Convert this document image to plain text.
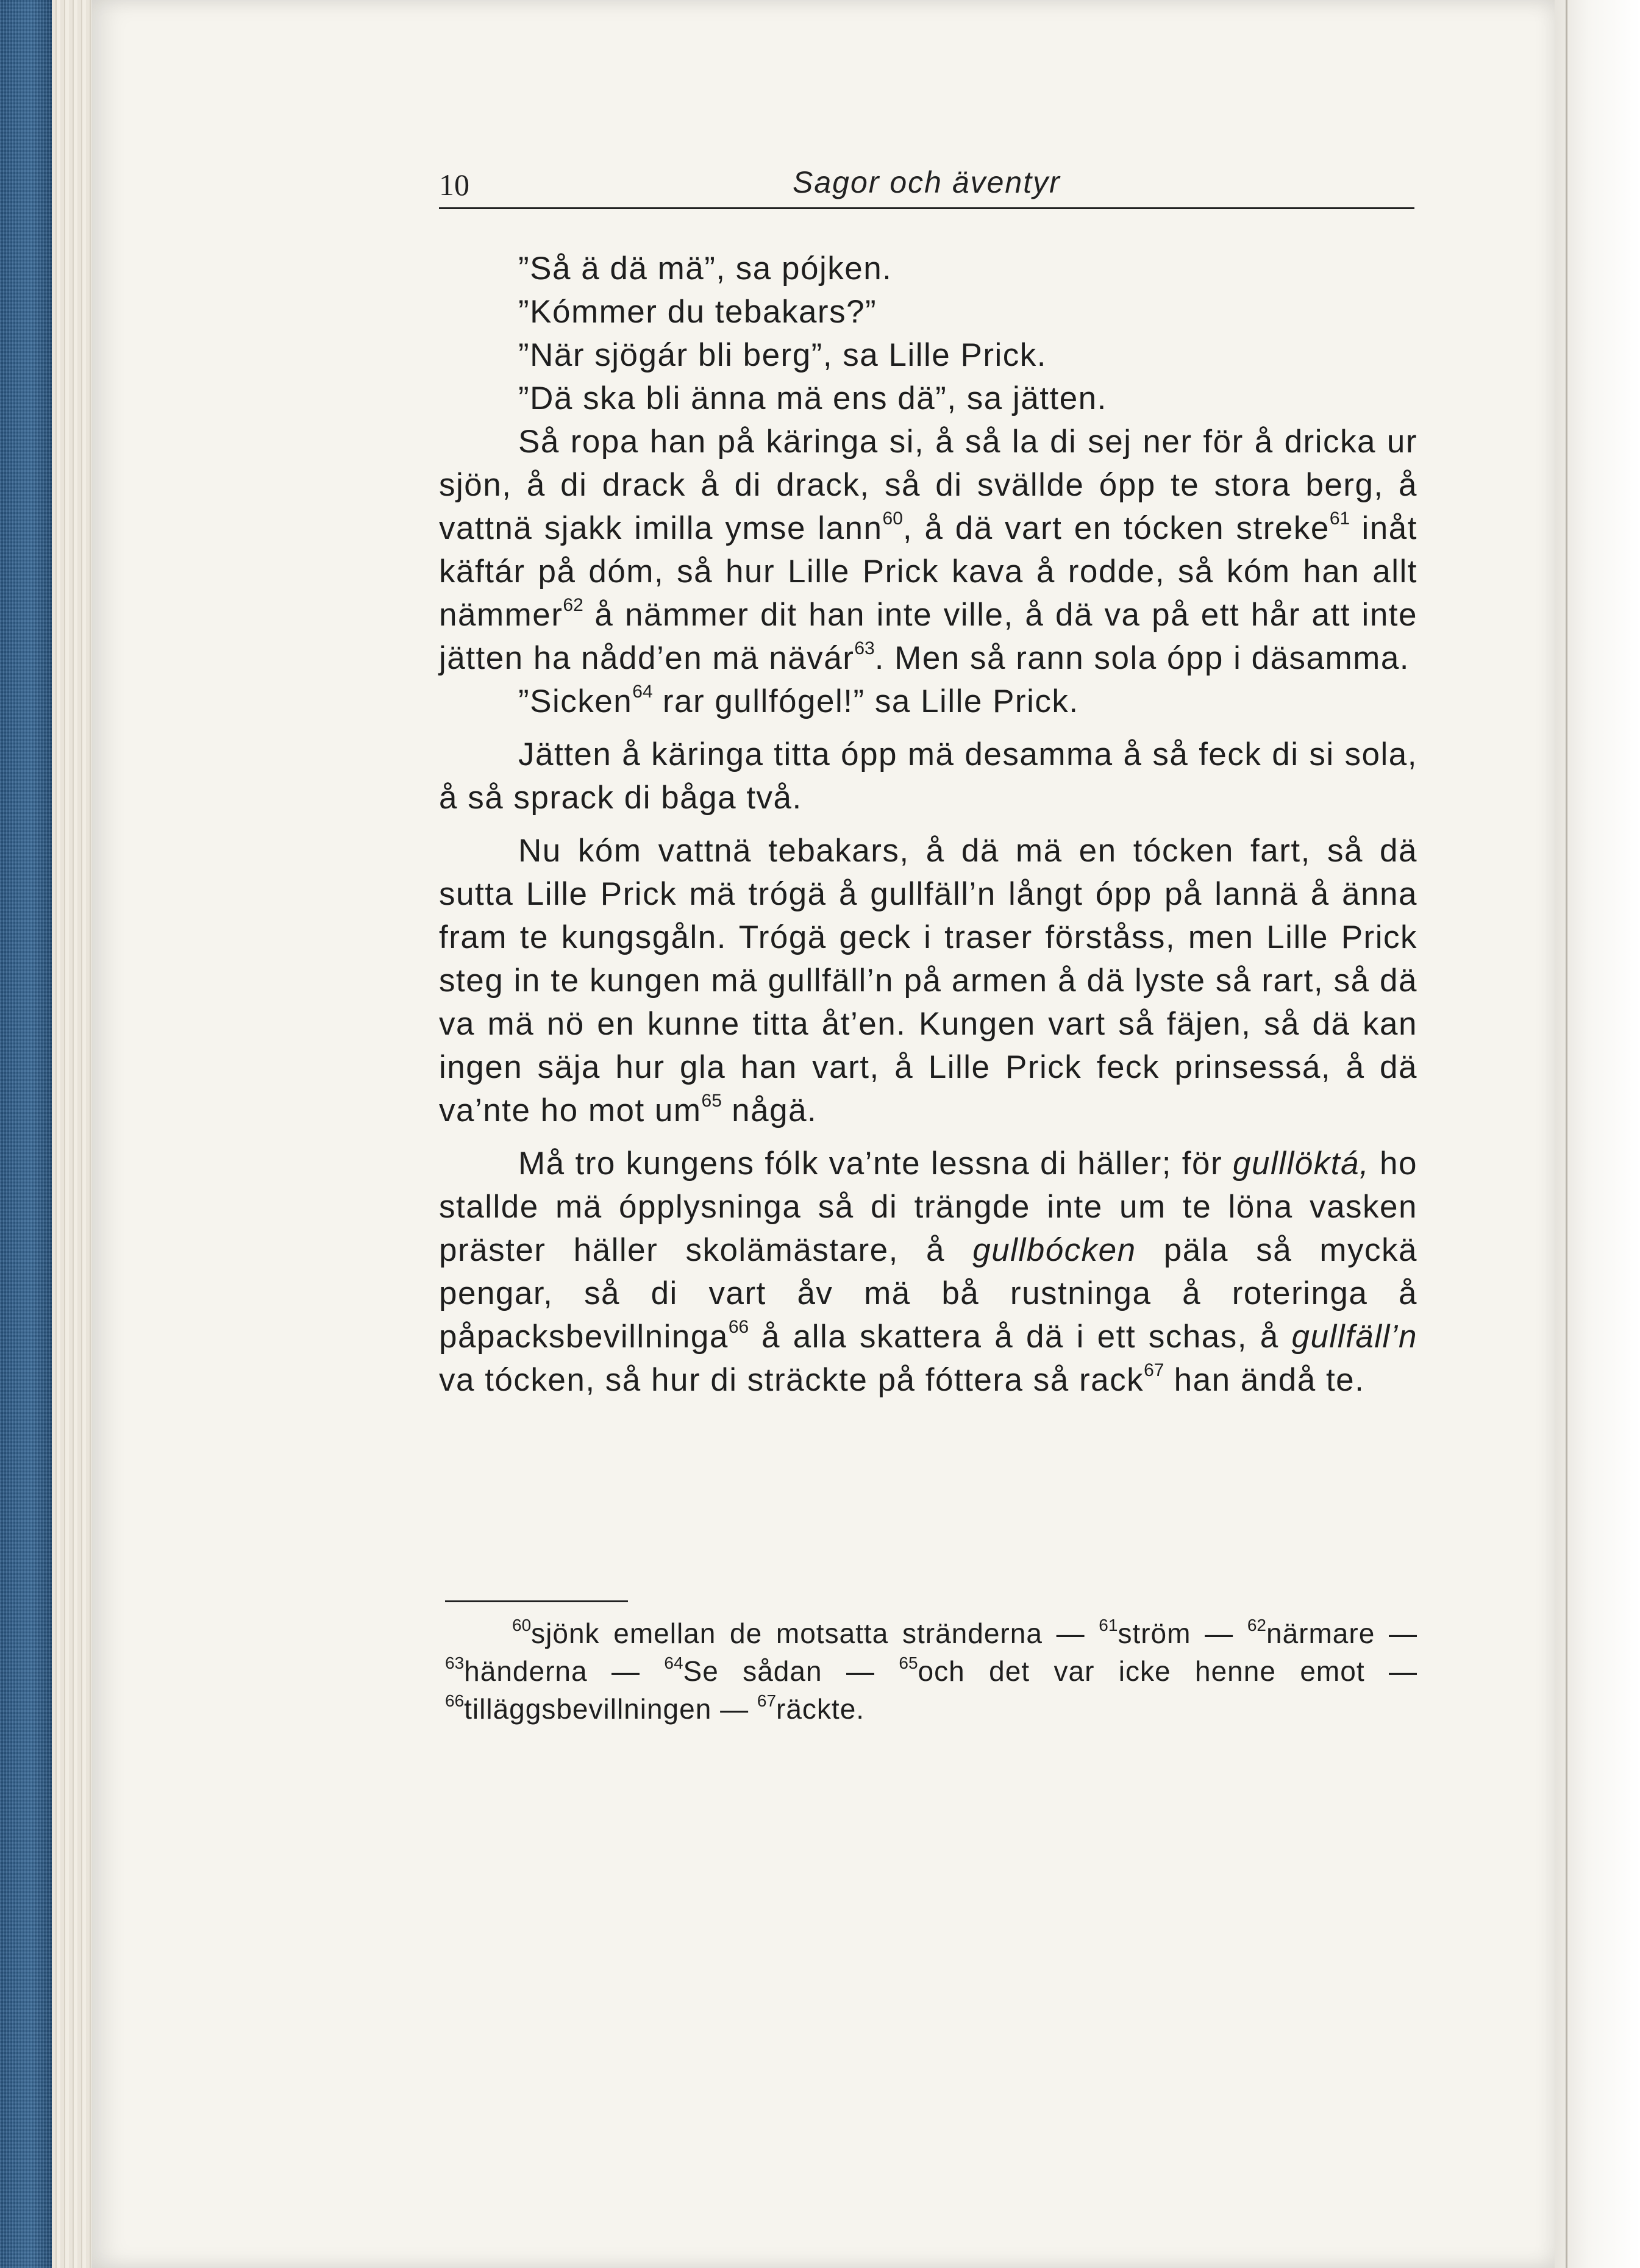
10	Sagor och äventyr

”Så ä dä mä”, sa pójken.

”Kómmer du tebakars?”

”När sjögár bli berg”, sa Lille Prick.

”Dä ska bli änna mä ens dä”, sa jätten.

Så ropa han på käringa si, å så la di sej ner för å dricka ur sjön, å di drack å di drack, så di svällde ópp te stora berg, å vattnä sjakk imilla ymse lann$^{60}$, å dä vart en tócken streke$^{61}$ inåt käftár på dóm, så hur Lille Prick kava å rodde, så kóm han allt nämmer$^{62}$ å nämmer dit han inte ville, å dä va på ett hår att inte jätten ha nådd’en mä nävár$^{63}$. Men så rann sola ópp i däsamma.

”Sicken$^{64}$ rar gullfógel!” sa Lille Prick.

Jätten å käringa titta ópp mä desamma å så feck di si sola, å så sprack di båga två.

Nu kóm vattnä tebakars, å dä mä en tócken fart, så dä sutta Lille Prick mä trógä å gullfäll’n långt ópp på lannä å änna fram te kungsgåln. Trógä geck i traser förståss, men Lille Prick steg in te kungen mä gullfäll’n på armen å dä lyste så rart, så dä va mä nö en kunne titta åt’en. Kungen vart så fäjen, så dä kan ingen säja hur gla han vart, å Lille Prick feck prinsessá, å dä va’nte ho mot $um^{65}$ någä.

Må tro kungens fólk va’nte lessna di häller; för gulllöktá, ho stallde mä ópplysninga så di trängde inte um te löna vasken präster häller skolämästare, å gullbócken päla så myckä pengar, så di vart åv mä bå rustninga å roteringa å påpacksbevillninga$^{66}$ å alla skattera å dä i ett schas, å gullfäll’n va tócken, så hur di sträckte på fóttera så rack$^{67}$ han ändå te.

$^{60}$sjönk emellan de motsatta stränderna — $^{61}$ström — $^{62}$närmare — $^{63}$händerna — $^{64}$Se sådan — $^{65}$och det var icke henne emot — $^{66}$tilläggsbevillningen — $^{67}$räckte.
